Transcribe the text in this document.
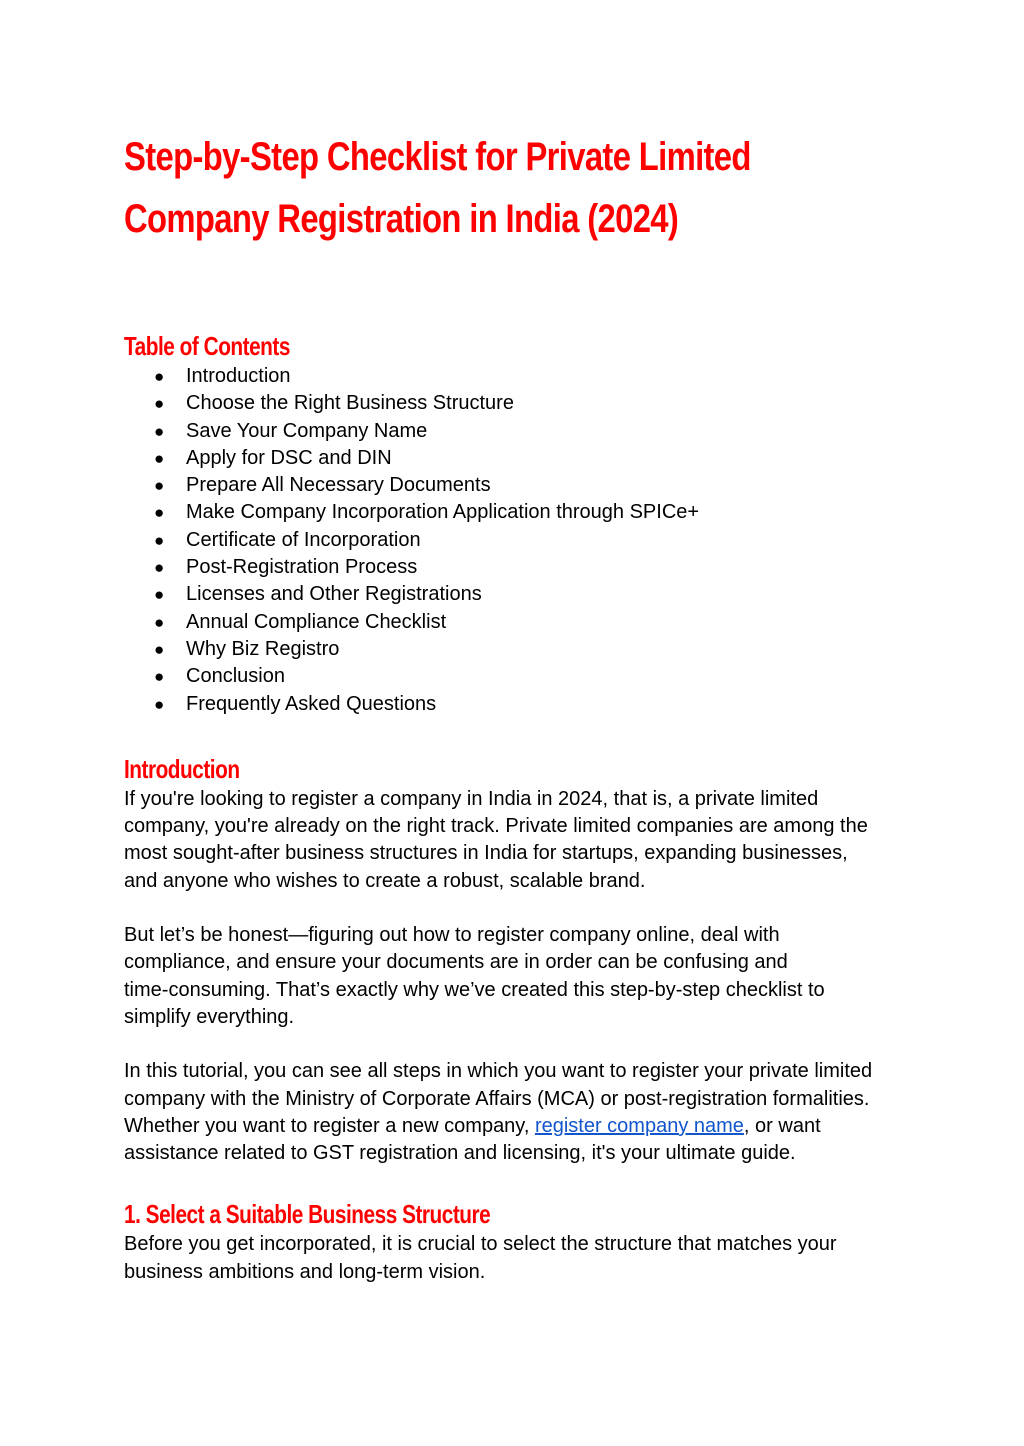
Step-by-Step Checklist for Private Limited
Company Registration in India (2024)
Table of Contents
● Introduction
● Choose the Right Business Structure
● Save Your Company Name
● Apply for DSC and DIN
● Prepare All Necessary Documents
● Make Company Incorporation Application through SPICe+
● Certificate of Incorporation
● Post-Registration Process
● Licenses and Other Registrations
● Annual Compliance Checklist
● Why Biz Registro
● Conclusion
● Frequently Asked Questions
Introduction

If you're looking to register a company in India in 2024, that is, a private limited
company, you're already on the right track. Private limited companies are among the
most sought-after business structures in India for startups, expanding businesses,
and anyone who wishes to create a robust, scalable brand.

But let’s be honest—figuring out how to register company online, deal with
compliance, and ensure your documents are in order can be confusing and
time-consuming. That’s exactly why we’ve created this step-by-step checklist to
simplify everything.

In this tutorial, you can see all steps in which you want to register your private limited
company with the Ministry of Corporate Affairs (MCA) or post-registration formalities.
Whether you want to register a new company, register company name, or want
assistance related to GST registration and licensing, it's your ultimate guide.

1. Select a Suitable Business Structure

Before you get incorporated, it is crucial to select the structure that matches your
business ambitions and long-term vision.
